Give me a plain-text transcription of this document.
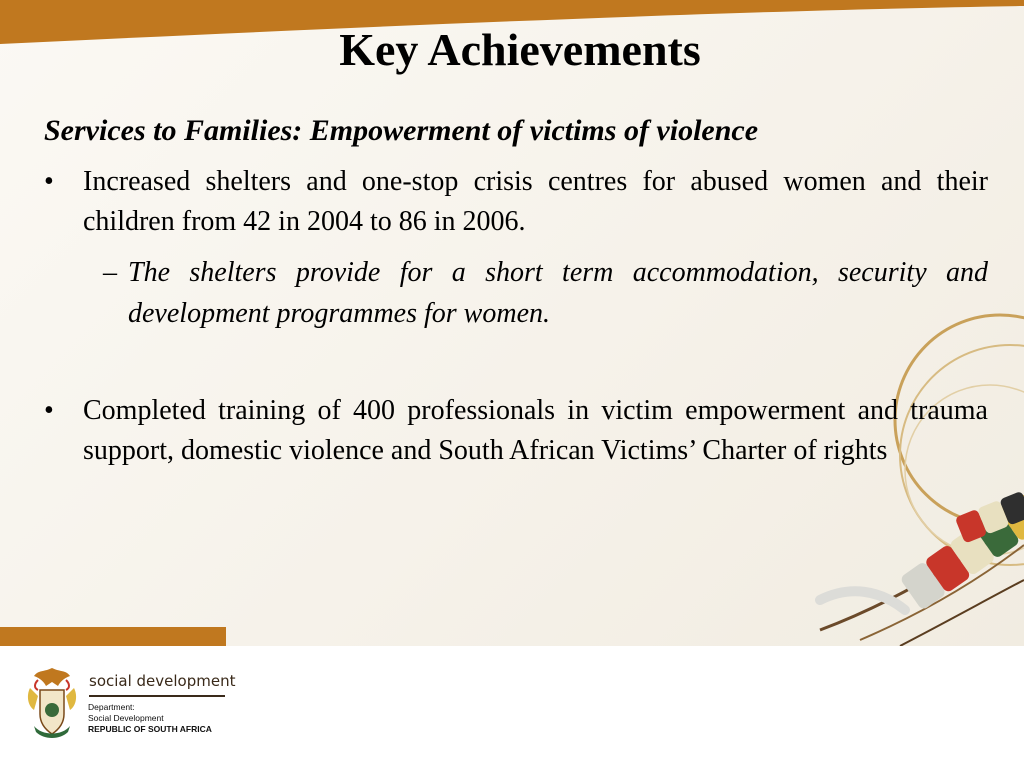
Key Achievements
Services to Families: Empowerment of victims of violence
•	Increased shelters and one-stop crisis centres for abused women and their children from 42 in 2004 to 86 in 2006.
– The shelters provide for a short term accommodation, security and development programmes for women.
•	Completed training of 400 professionals in victim empowerment and trauma support, domestic violence and South African Victims’ Charter of rights
social development
Department:
Social Development
REPUBLIC OF SOUTH AFRICA
